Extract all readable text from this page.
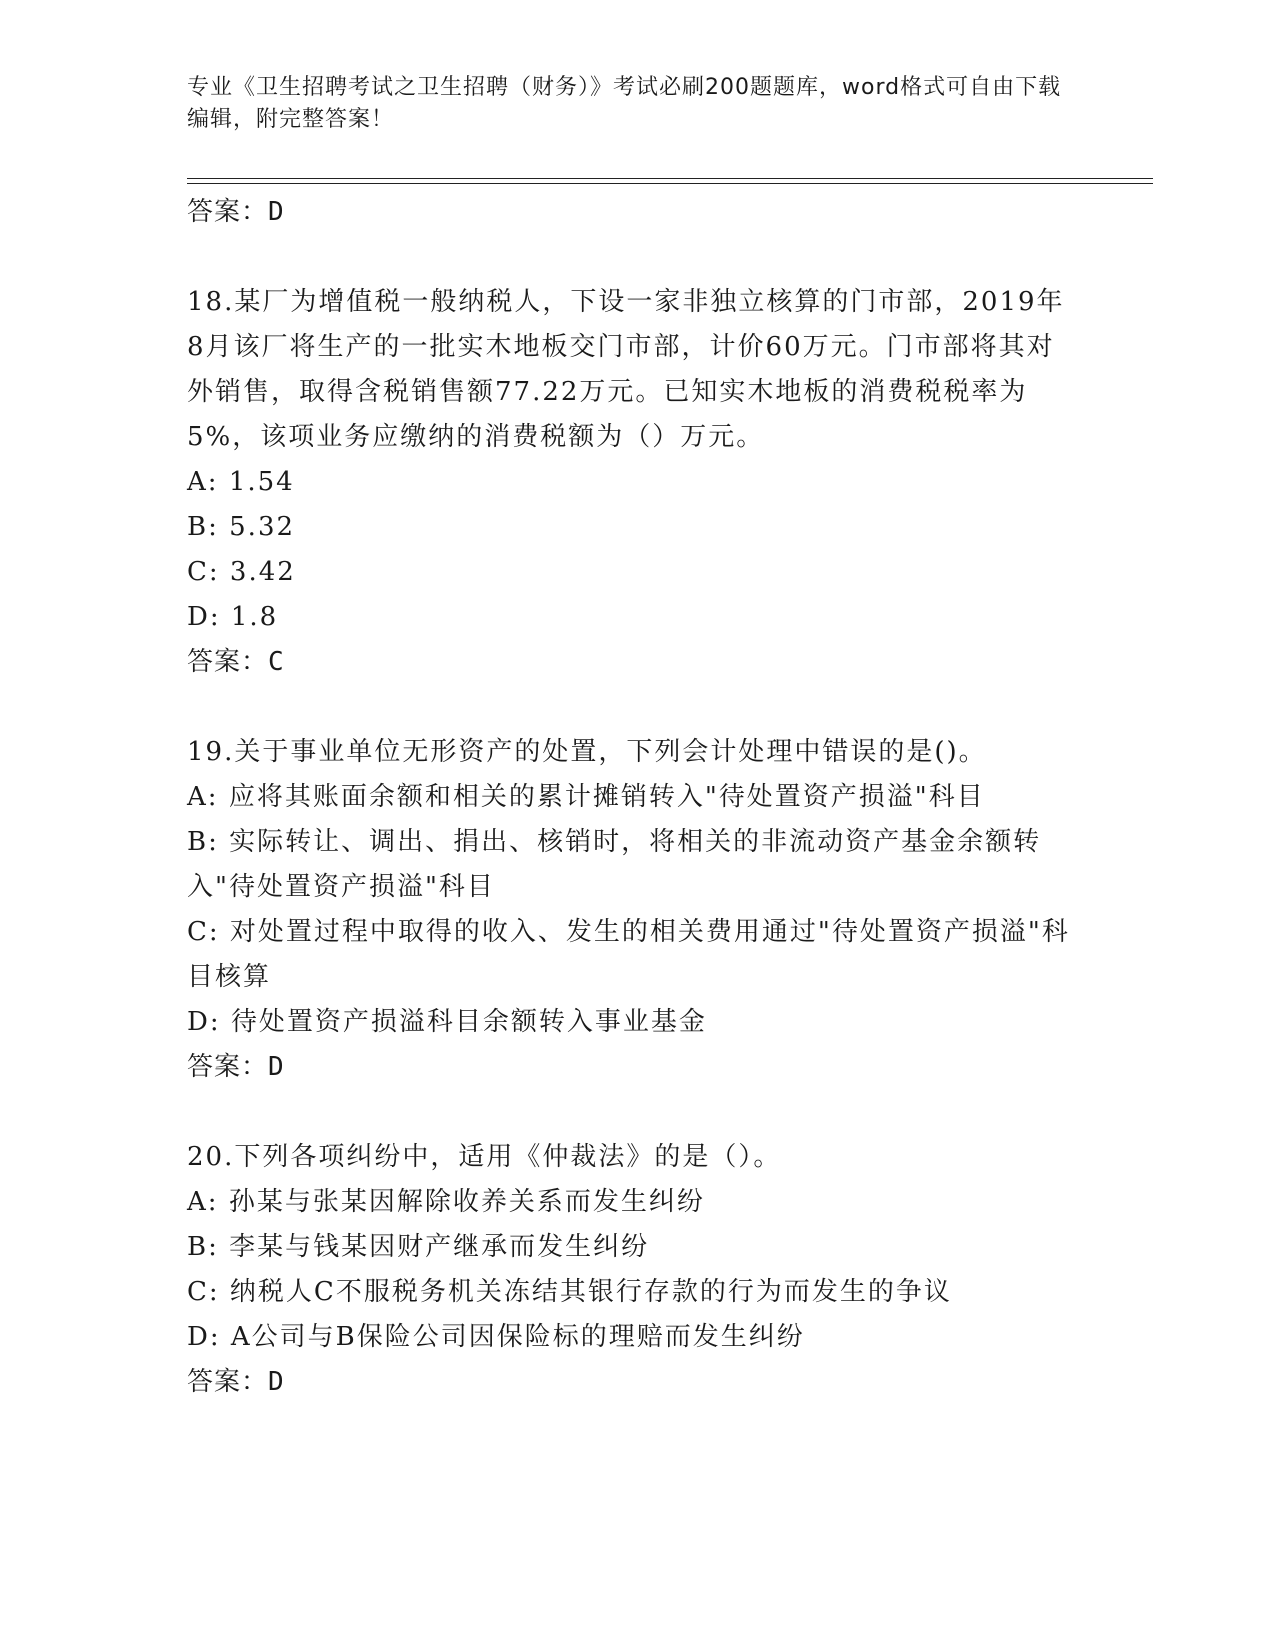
专业《卫生招聘考试之卫生招聘（财务）》考试必刷200题题库，word格式可自由下载编辑，附完整答案！
答案：D
18.某厂为增值税一般纳税人，下设一家非独立核算的门市部，2019年8月该厂将生产的一批实木地板交门市部，计价60万元。门市部将其对外销售，取得含税销售额77.22万元。已知实木地板的消费税税率为5%，该项业务应缴纳的消费税额为（）万元。
A: 1.54
B: 5.32
C: 3.42
D: 1.8
答案：C
19.关于事业单位无形资产的处置，下列会计处理中错误的是()。
A: 应将其账面余额和相关的累计摊销转入"待处置资产损溢"科目
B: 实际转让、调出、捐出、核销时，将相关的非流动资产基金余额转入"待处置资产损溢"科目
C: 对处置过程中取得的收入、发生的相关费用通过"待处置资产损溢"科目核算
D: 待处置资产损溢科目余额转入事业基金
答案：D
20.下列各项纠纷中，适用《仲裁法》的是（）。
A: 孙某与张某因解除收养关系而发生纠纷
B: 李某与钱某因财产继承而发生纠纷
C: 纳税人C不服税务机关冻结其银行存款的行为而发生的争议
D: A公司与B保险公司因保险标的理赔而发生纠纷
答案：D
